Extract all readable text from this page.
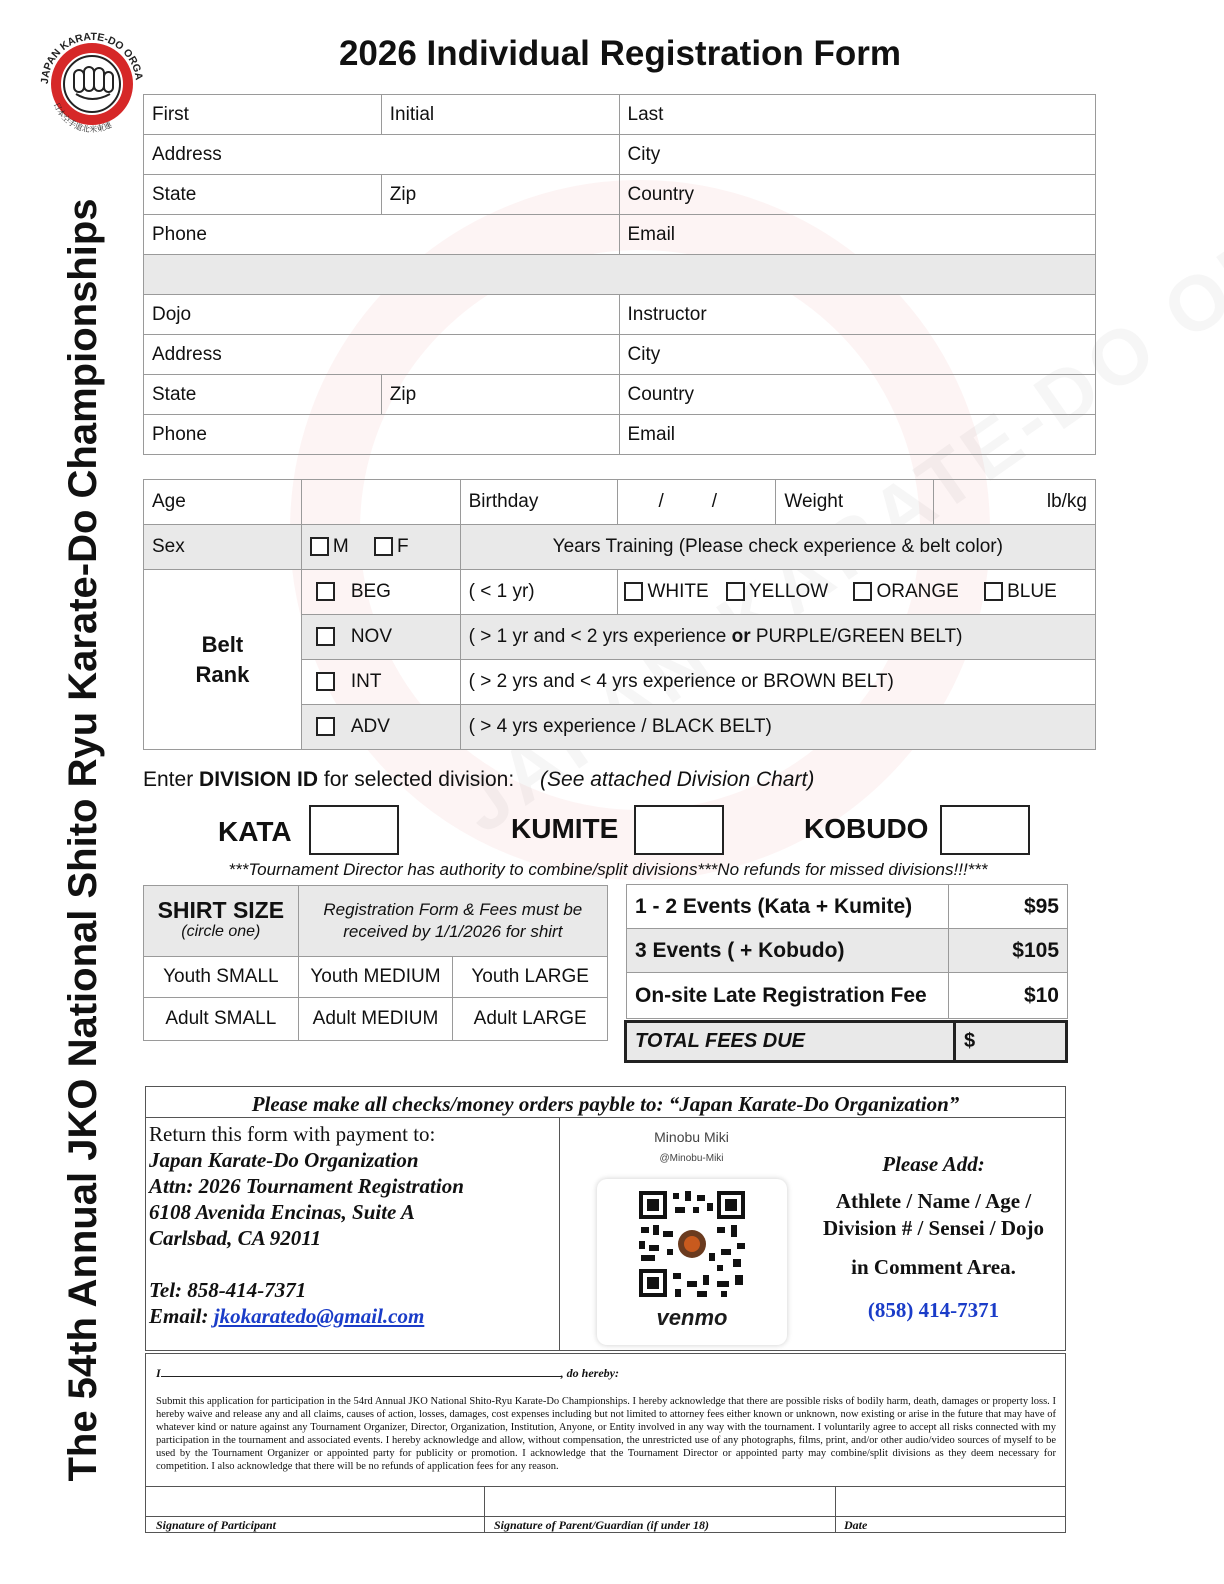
JAPAN KARATE-DO ORGA
日本空手道北米東連
The 54th Annual JKO National Shito Ryu Karate-Do Championships
2026 Individual Registration Form
First	Initial	Last
Address		City
State	Zip	Country
Phone		Email

Dojo		Instructor
Address		City
State	Zip	Country
Phone		Email
Age		Birthday	/ /	Weight	lb/kg
Sex	M F	Years Training (Please check experience & belt color)			

Belt
Rank	BEG	( < 1 yr)	WHITE YELLOW ORANGE BLUE		
	NOV	( > 1 yr and < 2 yrs experience or PURPLE/GREEN BELT)			
	INT	( > 2 yrs and < 4 yrs experience or BROWN BELT)			
	ADV	( > 4 yrs experience / BLACK BELT)			
Enter DIVISION ID for selected division: (See attached Division Chart)
KATA	KUMITE	KOBUDO
***Tournament Director has authority to combine/split divisions***No refunds for missed divisions!!!***
SHIRT SIZE
(circle one)	Registration Form & Fees must be received by 1/1/2026 for shirt	
Youth SMALL	Youth MEDIUM	Youth LARGE
Adult SMALL	Adult MEDIUM	Adult LARGE
1 - 2 Events (Kata + Kumite)	$95
3 Events ( + Kobudo)	$105
On-site Late Registration Fee	$10
TOTAL FEES DUE	$
Please make all checks/money orders payble to: “Japan Karate-Do Organization”
Return this form with payment to:
Japan Karate-Do Organization
Attn: 2026 Tournament Registration
6108 Avenida Encinas, Suite A
Carlsbad, CA 92011
Tel: 858-414-7371
Email: jkokaratedo@gmail.com
Minobu Miki
@Minobu-Miki
venmo
Please Add:
Athlete / Name / Age /
Division # / Sensei / Dojo
in Comment Area.
(858) 414-7371
I	, do hereby:
Submit this application for participation in the 54rd Annual JKO National Shito-Ryu Karate-Do Championships. I hereby acknowledge that there are possible risks of bodily harm, death, damages or property loss. I hereby waive and release any and all claims, causes of action, losses, damages, cost expenses including but not limited to attorney fees either known or unknown, now existing or arise in the future that may have of whatever kind or nature against any Tournament Organizer, Director, Organization, Institution, Anyone, or Entity involved in any way with the tournament. I voluntarily agree to accept all risks connected with my participation in the tournament and associated events. I hereby acknowledge and allow, without compensation, the unrestricted use of any photographs, films, print, and/or other audio/video sources of myself to be used by the Tournament Organizer or appointed party for publicity or promotion. I acknowledge that the Tournament Director or appointed party may combine/split divisions as they deem necessary for competition. I also acknowledge that there will be no refunds of application fees for any reason.
Signature of Participant	Signature of Parent/Guardian (if under 18)	Date
